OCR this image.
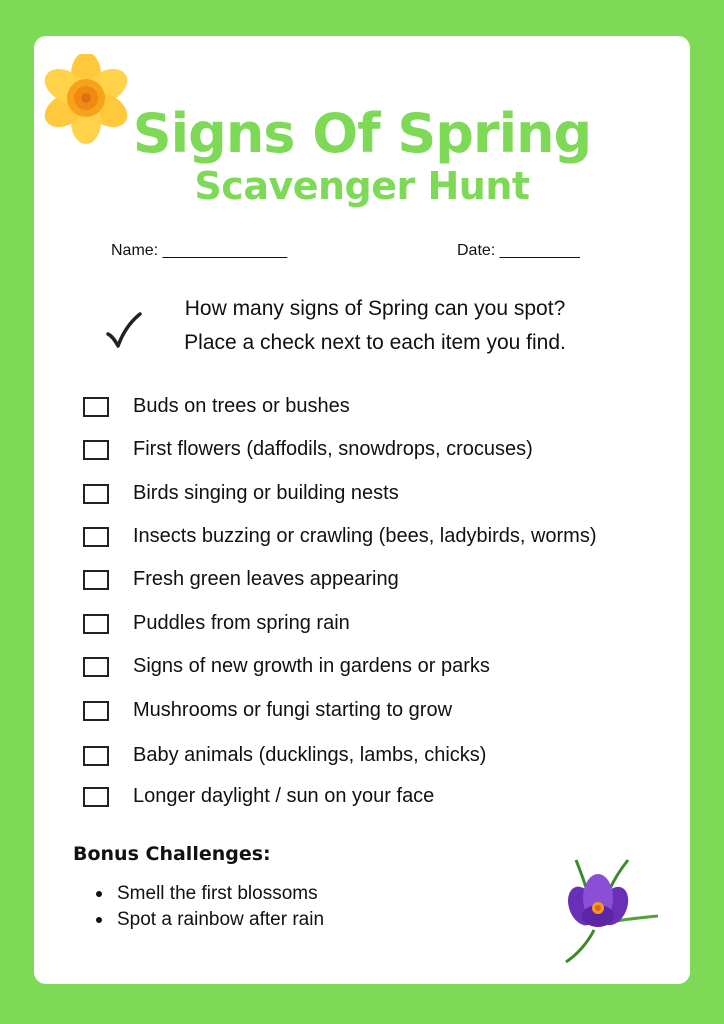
Signs Of Spring
Scavenger Hunt
Name: ______________	Date: _________
How many signs of Spring can you spot?
Place a check next to each item you find.
Buds on trees or bushes
First flowers (daffodils, snowdrops, crocuses)
Birds singing or building nests
Insects buzzing or crawling (bees, ladybirds, worms)
Fresh green leaves appearing
Puddles from spring rain
Signs of new growth in gardens or parks
Mushrooms or fungi starting to grow
Baby animals (ducklings, lambs, chicks)
Longer daylight / sun on your face
Bonus Challenges:
Smell the first blossoms
Spot a rainbow after rain
